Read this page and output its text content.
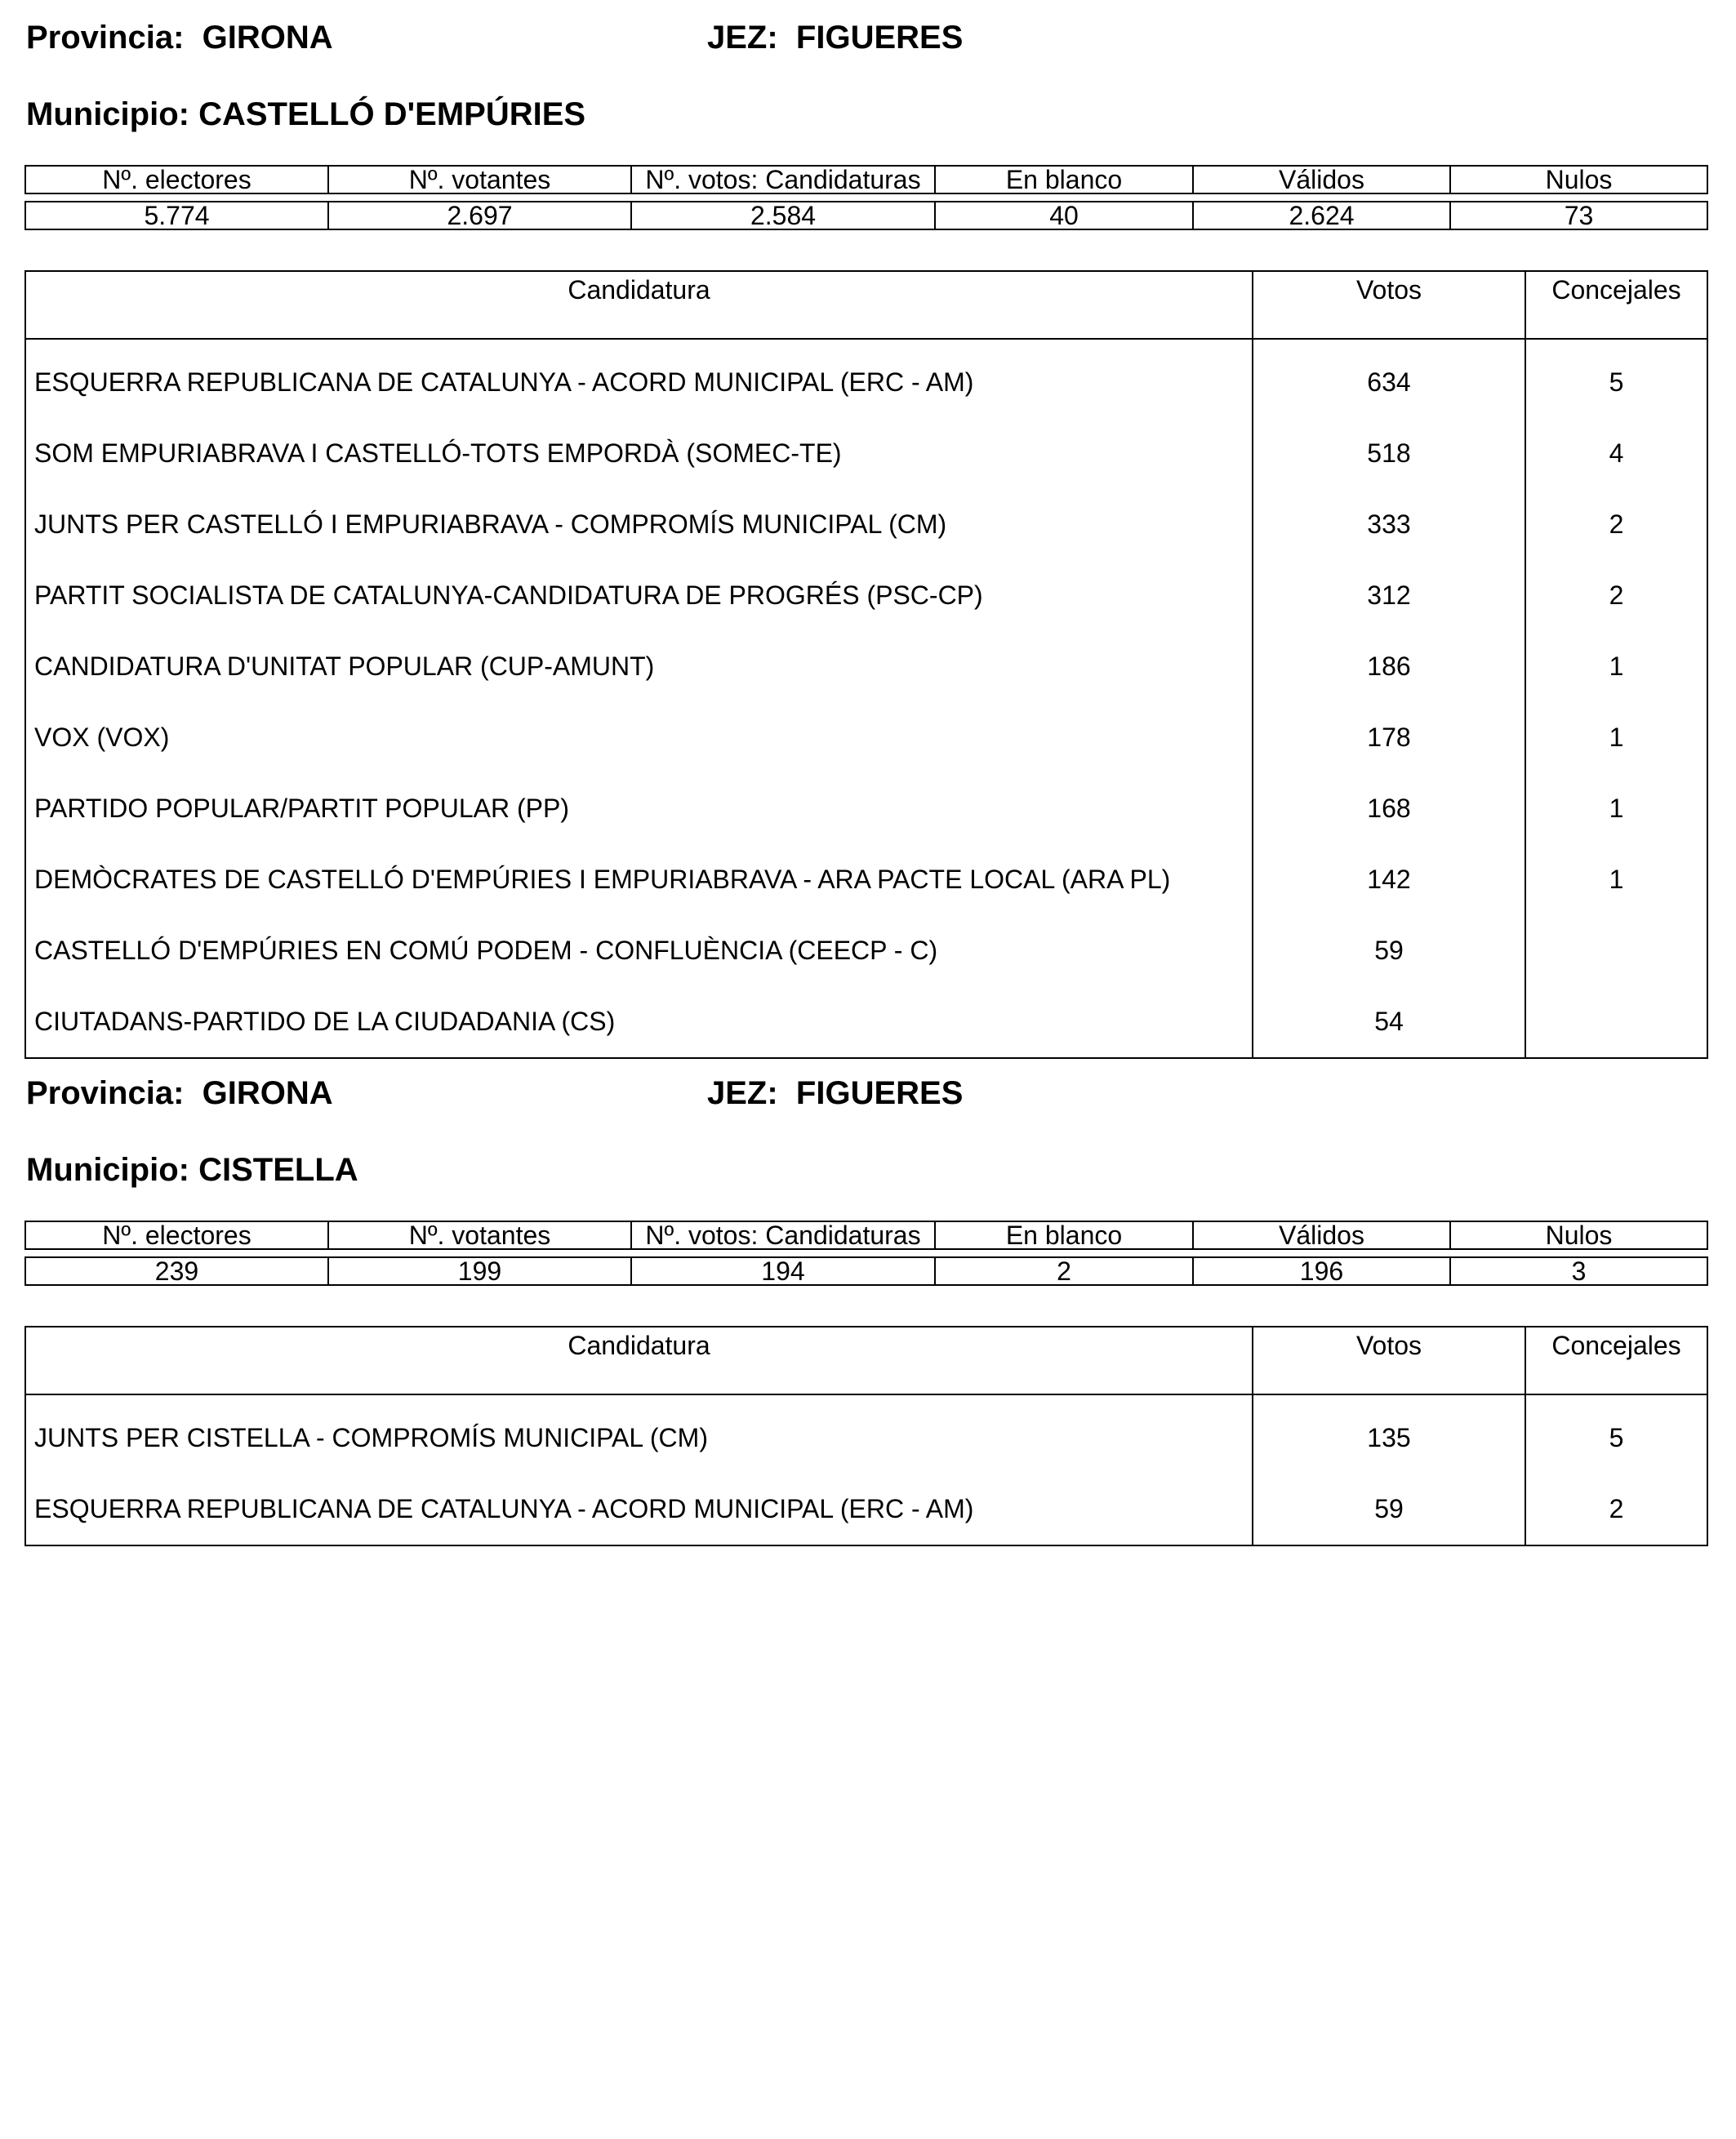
Provincia: GIRONA	JEZ: FIGUERES
Municipio: CASTELLÓ D'EMPÚRIES
Nº. electores	Nº. votantes	Nº. votos: Candidaturas	En blanco	Válidos	Nulos

5.774	2.697	2.584	40	2.624	73
Candidatura	Votos	Concejales
ESQUERRA REPUBLICANA DE CATALUNYA - ACORD MUNICIPAL (ERC - AM)	634	5
SOM EMPURIABRAVA I CASTELLÓ-TOTS EMPORDÀ (SOMEC-TE)	518	4
JUNTS PER CASTELLÓ I EMPURIABRAVA - COMPROMÍS MUNICIPAL (CM)	333	2
PARTIT SOCIALISTA DE CATALUNYA-CANDIDATURA DE PROGRÉS (PSC-CP)	312	2
CANDIDATURA D'UNITAT POPULAR (CUP-AMUNT)	186	1
VOX (VOX)	178	1
PARTIDO POPULAR/PARTIT POPULAR (PP)	168	1
DEMÒCRATES DE CASTELLÓ D'EMPÚRIES I EMPURIABRAVA - ARA PACTE LOCAL (ARA PL)	142	1
CASTELLÓ D'EMPÚRIES EN COMÚ PODEM - CONFLUÈNCIA (CEECP - C)	59	
CIUTADANS-PARTIDO DE LA CIUDADANIA (CS)	54	
Provincia: GIRONA	JEZ: FIGUERES
Municipio: CISTELLA
Nº. electores	Nº. votantes	Nº. votos: Candidaturas	En blanco	Válidos	Nulos

239	199	194	2	196	3
Candidatura	Votos	Concejales
JUNTS PER CISTELLA - COMPROMÍS MUNICIPAL (CM)	135	5
ESQUERRA REPUBLICANA DE CATALUNYA - ACORD MUNICIPAL (ERC - AM)	59	2
